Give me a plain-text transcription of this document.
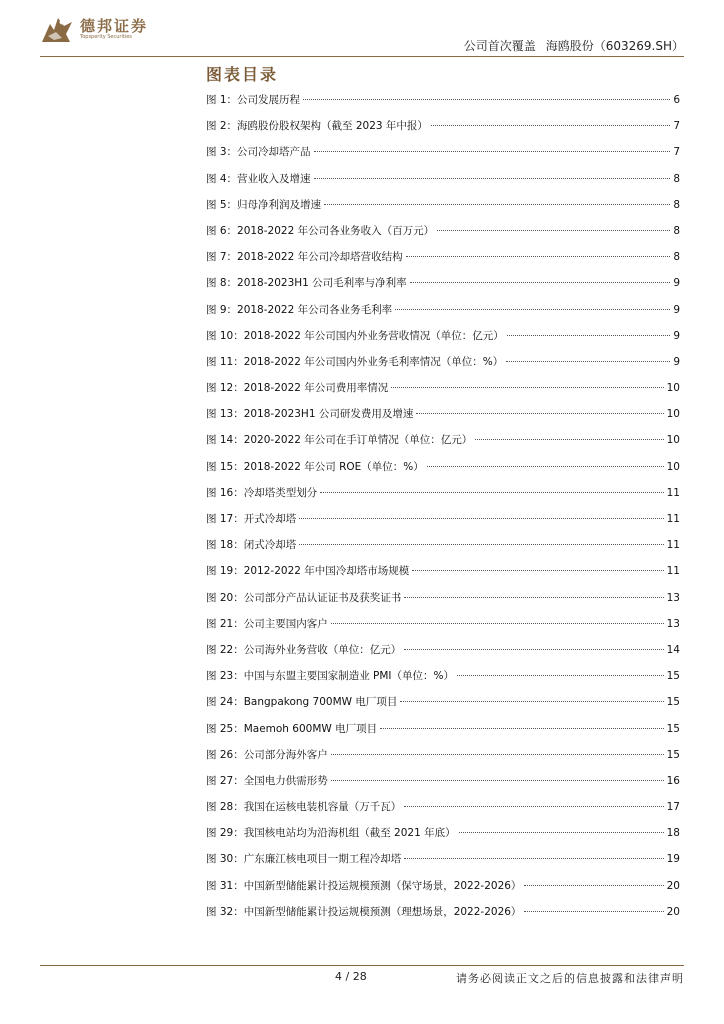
德邦证券
Topsperity Securities
公司首次覆盖 海鸥股份（603269.SH）
图表目录
图 1：公司发展历程	6
图 2：海鸥股份股权架构（截至 2023 年中报）	7
图 3：公司冷却塔产品	7
图 4：营业收入及增速	8
图 5：归母净利润及增速	8
图 6：2018-2022 年公司各业务收入（百万元）	8
图 7：2018-2022 年公司冷却塔营收结构	8
图 8：2018-2023H1 公司毛利率与净利率	9
图 9：2018-2022 年公司各业务毛利率	9
图 10：2018-2022 年公司国内外业务营收情况（单位：亿元）	9
图 11：2018-2022 年公司国内外业务毛利率情况（单位：%）	9
图 12：2018-2022 年公司费用率情况	10
图 13：2018-2023H1 公司研发费用及增速	10
图 14：2020-2022 年公司在手订单情况（单位：亿元）	10
图 15：2018-2022 年公司 ROE（单位：%）	10
图 16：冷却塔类型划分	11
图 17：开式冷却塔	11
图 18：闭式冷却塔	11
图 19：2012-2022 年中国冷却塔市场规模	11
图 20：公司部分产品认证证书及获奖证书	13
图 21：公司主要国内客户	13
图 22：公司海外业务营收（单位：亿元）	14
图 23：中国与东盟主要国家制造业 PMI（单位：%）	15
图 24：Bangpakong 700MW 电厂项目	15
图 25：Maemoh 600MW 电厂项目	15
图 26：公司部分海外客户	15
图 27：全国电力供需形势	16
图 28：我国在运核电装机容量（万千瓦）	17
图 29：我国核电站均为沿海机组（截至 2021 年底）	18
图 30：广东廉江核电项目一期工程冷却塔	19
图 31：中国新型储能累计投运规模预测（保守场景，2022-2026）	20
图 32：中国新型储能累计投运规模预测（理想场景，2022-2026）	20
4 / 28	请务必阅读正文之后的信息披露和法律声明
